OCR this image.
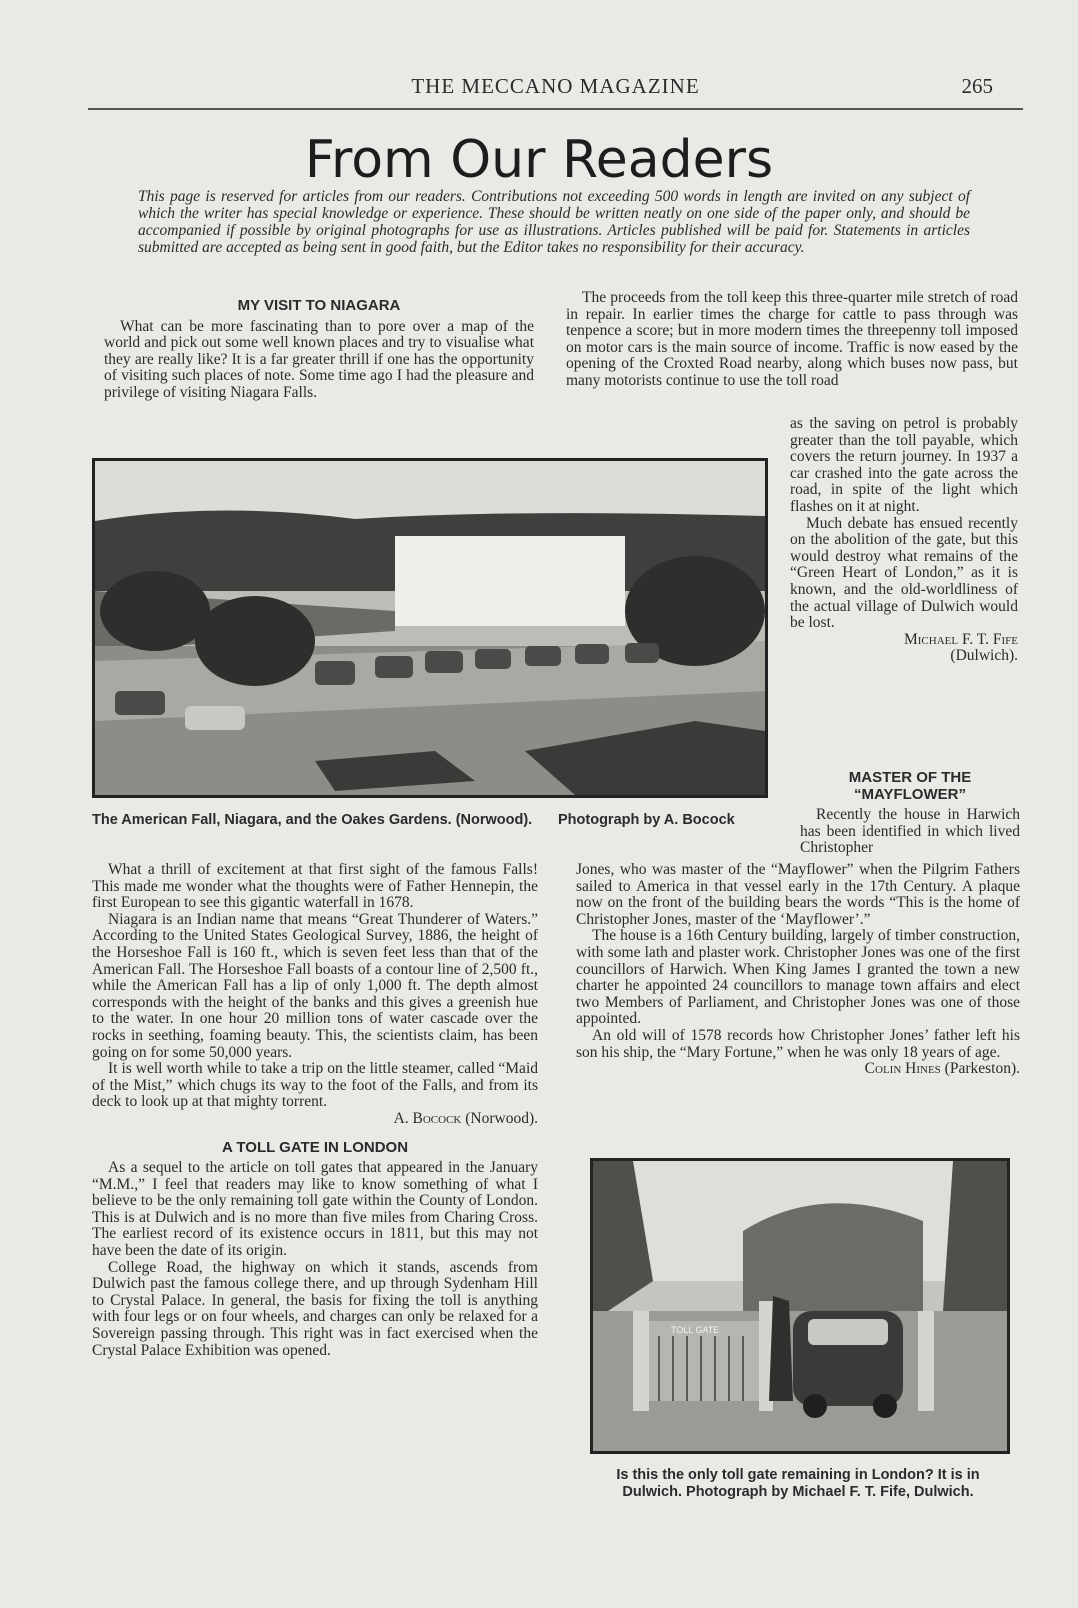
THE MECCANO MAGAZINE	265
From Our Readers
This page is reserved for articles from our readers. Contributions not exceeding 500 words in length are invited on any subject of which the writer has special knowledge or experience. These should be written neatly on one side of the paper only, and should be accompanied if possible by original photographs for use as illustrations. Articles published will be paid for. Statements in articles submitted are accepted as being sent in good faith, but the Editor takes no responsibility for their accuracy.

MY VISIT TO NIAGARA

What can be more fascinating than to pore over a map of the world and pick out some well known places and try to visualise what they are really like? It is a far greater thrill if one has the opportunity of visiting such places of note. Some time ago I had the pleasure and privilege of visiting Niagara Falls.

The proceeds from the toll keep this three-quarter mile stretch of road in repair. In earlier times the charge for cattle to pass through was tenpence a score; but in more modern times the threepenny toll imposed on motor cars is the main source of income. Traffic is now eased by the opening of the Croxted Road nearby, along which buses now pass, but many motorists continue to use the toll road

as the saving on petrol is probably greater than the toll payable, which covers the return journey. In 1937 a car crashed into the gate across the road, in spite of the light which flashes on it at night.

Much debate has ensued recently on the abolition of the gate, but this would destroy what remains of the “Green Heart of London,” as it is known, and the old-worldliness of the actual village of Dulwich would be lost.

Michael F. T. Fife

(Dulwich).

The American Fall, Niagara, and the Oakes Gardens. (Norwood).	Photograph by A. Bocock

MASTER OF THE “MAYFLOWER”

Recently the house in Harwich has been identified in which lived Christopher

What a thrill of excitement at that first sight of the famous Falls! This made me wonder what the thoughts were of Father Hennepin, the first European to see this gigantic waterfall in 1678.

Niagara is an Indian name that means “Great Thunderer of Waters.” According to the United States Geological Survey, 1886, the height of the Horseshoe Fall is 160 ft., which is seven feet less than that of the American Fall. The Horseshoe Fall boasts of a contour line of 2,500 ft., while the American Fall has a lip of only 1,000 ft. The depth almost corresponds with the height of the banks and this gives a greenish hue to the water. In one hour 20 million tons of water cascade over the rocks in seething, foaming beauty. This, the scientists claim, has been going on for some 50,000 years.

It is well worth while to take a trip on the little steamer, called “Maid of the Mist,” which chugs its way to the foot of the Falls, and from its deck to look up at that mighty torrent.

A. Bocock (Norwood).

A TOLL GATE IN LONDON

As a sequel to the article on toll gates that appeared in the January “M.M.,” I feel that readers may like to know something of what I believe to be the only remaining toll gate within the County of London. This is at Dulwich and is no more than five miles from Charing Cross. The earliest record of its existence occurs in 1811, but this may not have been the date of its origin.

College Road, the highway on which it stands, ascends from Dulwich past the famous college there, and up through Sydenham Hill to Crystal Palace. In general, the basis for fixing the toll is anything with four legs or on four wheels, and charges can only be relaxed for a Sovereign passing through. This right was in fact exercised when the Crystal Palace Exhibition was opened.

Jones, who was master of the “Mayflower” when the Pilgrim Fathers sailed to America in that vessel early in the 17th Century. A plaque now on the front of the building bears the words “This is the home of Christopher Jones, master of the ‘Mayflower’.”

The house is a 16th Century building, largely of timber construction, with some lath and plaster work. Christopher Jones was one of the first councillors of Harwich. When King James I granted the town a new charter he appointed 24 councillors to manage town affairs and elect two Members of Parliament, and Christopher Jones was one of those appointed.

An old will of 1578 records how Christopher Jones’ father left his son his ship, the “Mary Fortune,” when he was only 18 years of age.

Colin Hines (Parkeston).

TOLL GATE
Is this the only toll gate remaining in London? It is in Dulwich. Photograph by Michael F. T. Fife, Dulwich.
